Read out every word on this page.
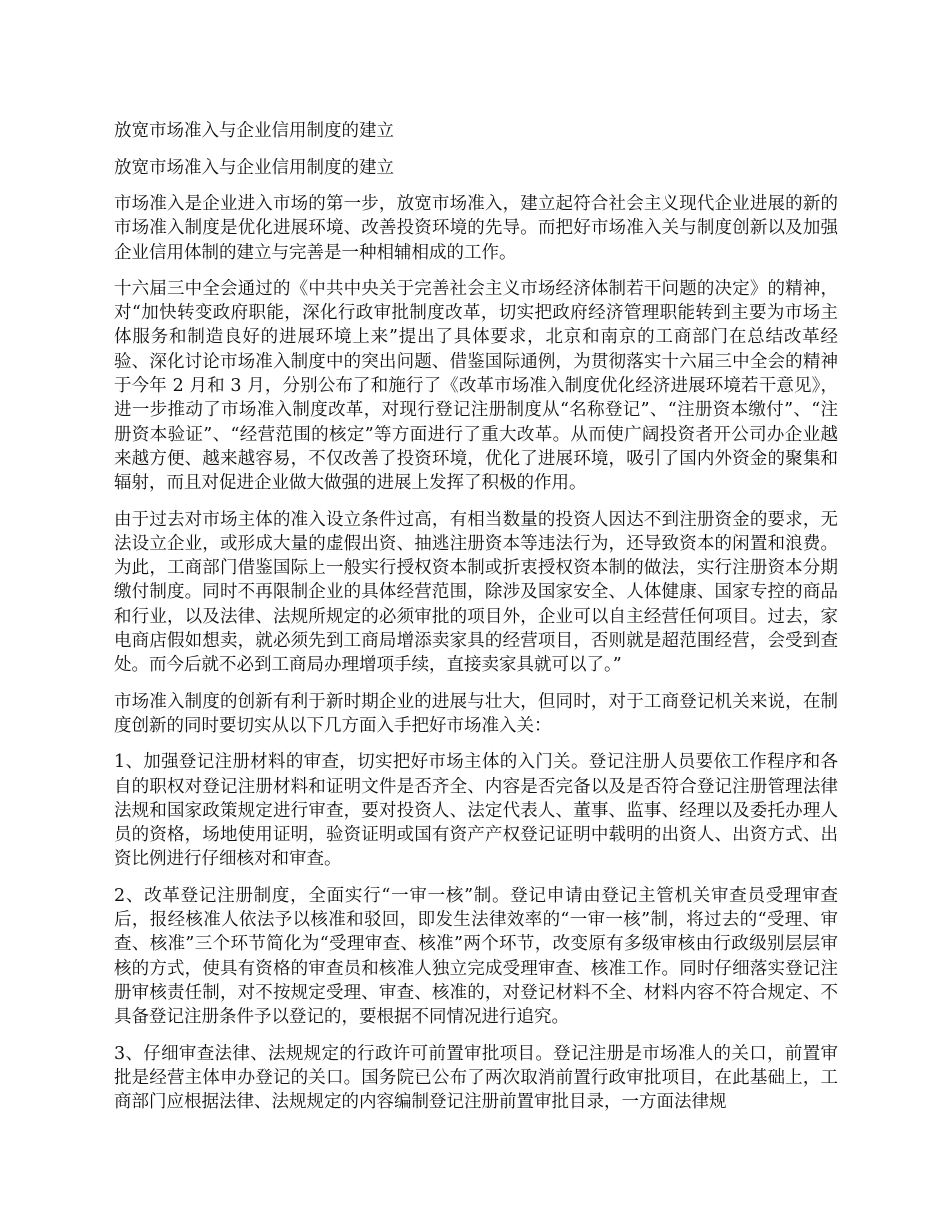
放宽市场准入与企业信用制度的建立
放宽市场准入与企业信用制度的建立

市场准入是企业进入市场的第一步，放宽市场准入，建立起符合社会主义现代企业进展的新的市场准入制度是优化进展环境、改善投资环境的先导。而把好市场准入关与制度创新以及加强企业信用体制的建立与完善是一种相辅相成的工作。

十六届三中全会通过的《中共中央关于完善社会主义市场经济体制若干问题的决定》的精神，对“加快转变政府职能，深化行政审批制度改革，切实把政府经济管理职能转到主要为市场主体服务和制造良好的进展环境上来”提出了具体要求，北京和南京的工商部门在总结改革经验、深化讨论市场准入制度中的突出问题、借鉴国际通例，为贯彻落实十六届三中全会的精神于今年 2 月和 3 月，分别公布了和施行了《改革市场准入制度优化经济进展环境若干意见》，进一步推动了市场准入制度改革，对现行登记注册制度从“名称登记”、“注册资本缴付”、“注册资本验证”、“经营范围的核定”等方面进行了重大改革。从而使广阔投资者开公司办企业越来越方便、越来越容易，不仅改善了投资环境，优化了进展环境，吸引了国内外资金的聚集和辐射，而且对促进企业做大做强的进展上发挥了积极的作用。

由于过去对市场主体的准入设立条件过高，有相当数量的投资人因达不到注册资金的要求，无法设立企业，或形成大量的虚假出资、抽逃注册资本等违法行为，还导致资本的闲置和浪费。为此，工商部门借鉴国际上一般实行授权资本制或折衷授权资本制的做法，实行注册资本分期缴付制度。同时不再限制企业的具体经营范围，除涉及国家安全、人体健康、国家专控的商品和行业，以及法律、法规所规定的必须审批的项目外，企业可以自主经营任何项目。过去，家电商店假如想卖，就必须先到工商局增添卖家具的经营项目，否则就是超范围经营，会受到查处。而今后就不必到工商局办理增项手续，直接卖家具就可以了。”

市场准入制度的创新有利于新时期企业的进展与壮大，但同时，对于工商登记机关来说，在制度创新的同时要切实从以下几方面入手把好市场准入关：

1、加强登记注册材料的审查，切实把好市场主体的入门关。登记注册人员要依工作程序和各自的职权对登记注册材料和证明文件是否齐全、内容是否完备以及是否符合登记注册管理法律法规和国家政策规定进行审查，要对投资人、法定代表人、董事、监事、经理以及委托办理人员的资格，场地使用证明，验资证明或国有资产产权登记证明中载明的出资人、出资方式、出资比例进行仔细核对和审查。

2、改革登记注册制度，全面实行“一审一核”制。登记申请由登记主管机关审查员受理审查后，报经核准人依法予以核准和驳回，即发生法律效率的“一审一核”制，将过去的“受理、审查、核准”三个环节简化为“受理审查、核准”两个环节，改变原有多级审核由行政级别层层审核的方式，使具有资格的审查员和核准人独立完成受理审查、核准工作。同时仔细落实登记注册审核责任制，对不按规定受理、审查、核准的，对登记材料不全、材料内容不符合规定、不具备登记注册条件予以登记的，要根据不同情况进行追究。

3、仔细审查法律、法规规定的行政许可前置审批项目。登记注册是市场准人的关口，前置审批是经营主体申办登记的关口。国务院已公布了两次取消前置行政审批项目，在此基础上，工商部门应根据法律、法规规定的内容编制登记注册前置审批目录，一方面法律规
